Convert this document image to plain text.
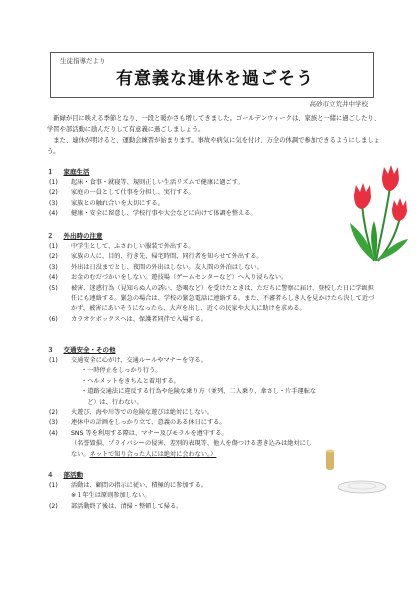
生徒指導だより
有意義な連休を過ごそう
高砂市立荒井中学校

新緑が目に映える季節となり、一段と暖かさも増してきました。ゴールデンウィークは、家族と一緒に過ごしたり、学習や部活動に励んだりして有意義に過ごしましょう。

また、連休が明けると、運動会練習が始まります。事故や病気に気を付け、万全の体調で参加できるようにしましょう。

１ 家庭生活
(1)	起床・食事・就寝等、規則正しい生活リズムで健康に過ごす。
(2)	家庭の一員として仕事を分担し、実行する。
(3)	家族との触れ合いを大切にする。
(4)	健康・安全に留意し、学校行事や大会などに向けて体調を整える。
２ 外出時の注意
(1)	中学生として、ふさわしい服装で外出する。
(2)	家族の人に、目的、行き先、帰宅時間、同行者を知らせて外出する。
(3)	外出は日没までとし、夜間の外出はしない。友人間の外泊はしない。
(4)	お金のむだづかいをしない。遊技場（ゲームセンターなど）へ入り浸らない。
(5)	被害、迷惑行為（見知らぬ人の誘い、恐喝など）を受けたときは、ただちに警察に届け、登校した日に学級担任にも連絡する。緊急の場合は、学校の緊急電話に連絡する。また、不審者らしき人を見かけたら決して近づかず、被害にあいそうになったら、大声を出し、近くの民家や大人に助けを求める。
(6)	カラオケボックスへは、保護者同伴で入場する。
３ 交通安全・その他
(1)	交通安全に心がけ、交通ルールやマナーを守る。
・ 一時停止をしっかり行う。
・ ヘルメットをきちんと着用する。
・ 道路交通法に違反する行為や危険な乗り方（並列、二人乗り、傘さし・片手運転など）は、行わない。
(2)	火遊び、海や川等での危険な遊びは絶対にしない。
(3)	連休中の計画をしっかり立て、意義のある休日にする。
(4)	SNS 等を利用する際は、マナー及びモラルを遵守する。
（名誉毀損、プライバシーの侵害、差別的表現等、他人を傷つける書き込みは絶対にしない。ネットで知り合った人には絶対に会わない。）
４ 部活動
(1)	活動は、顧問の指示に従い、積極的に参加する。
※１年生は原則参加しない。
(2)	部活動終了後は、清掃・整頓して帰る。
